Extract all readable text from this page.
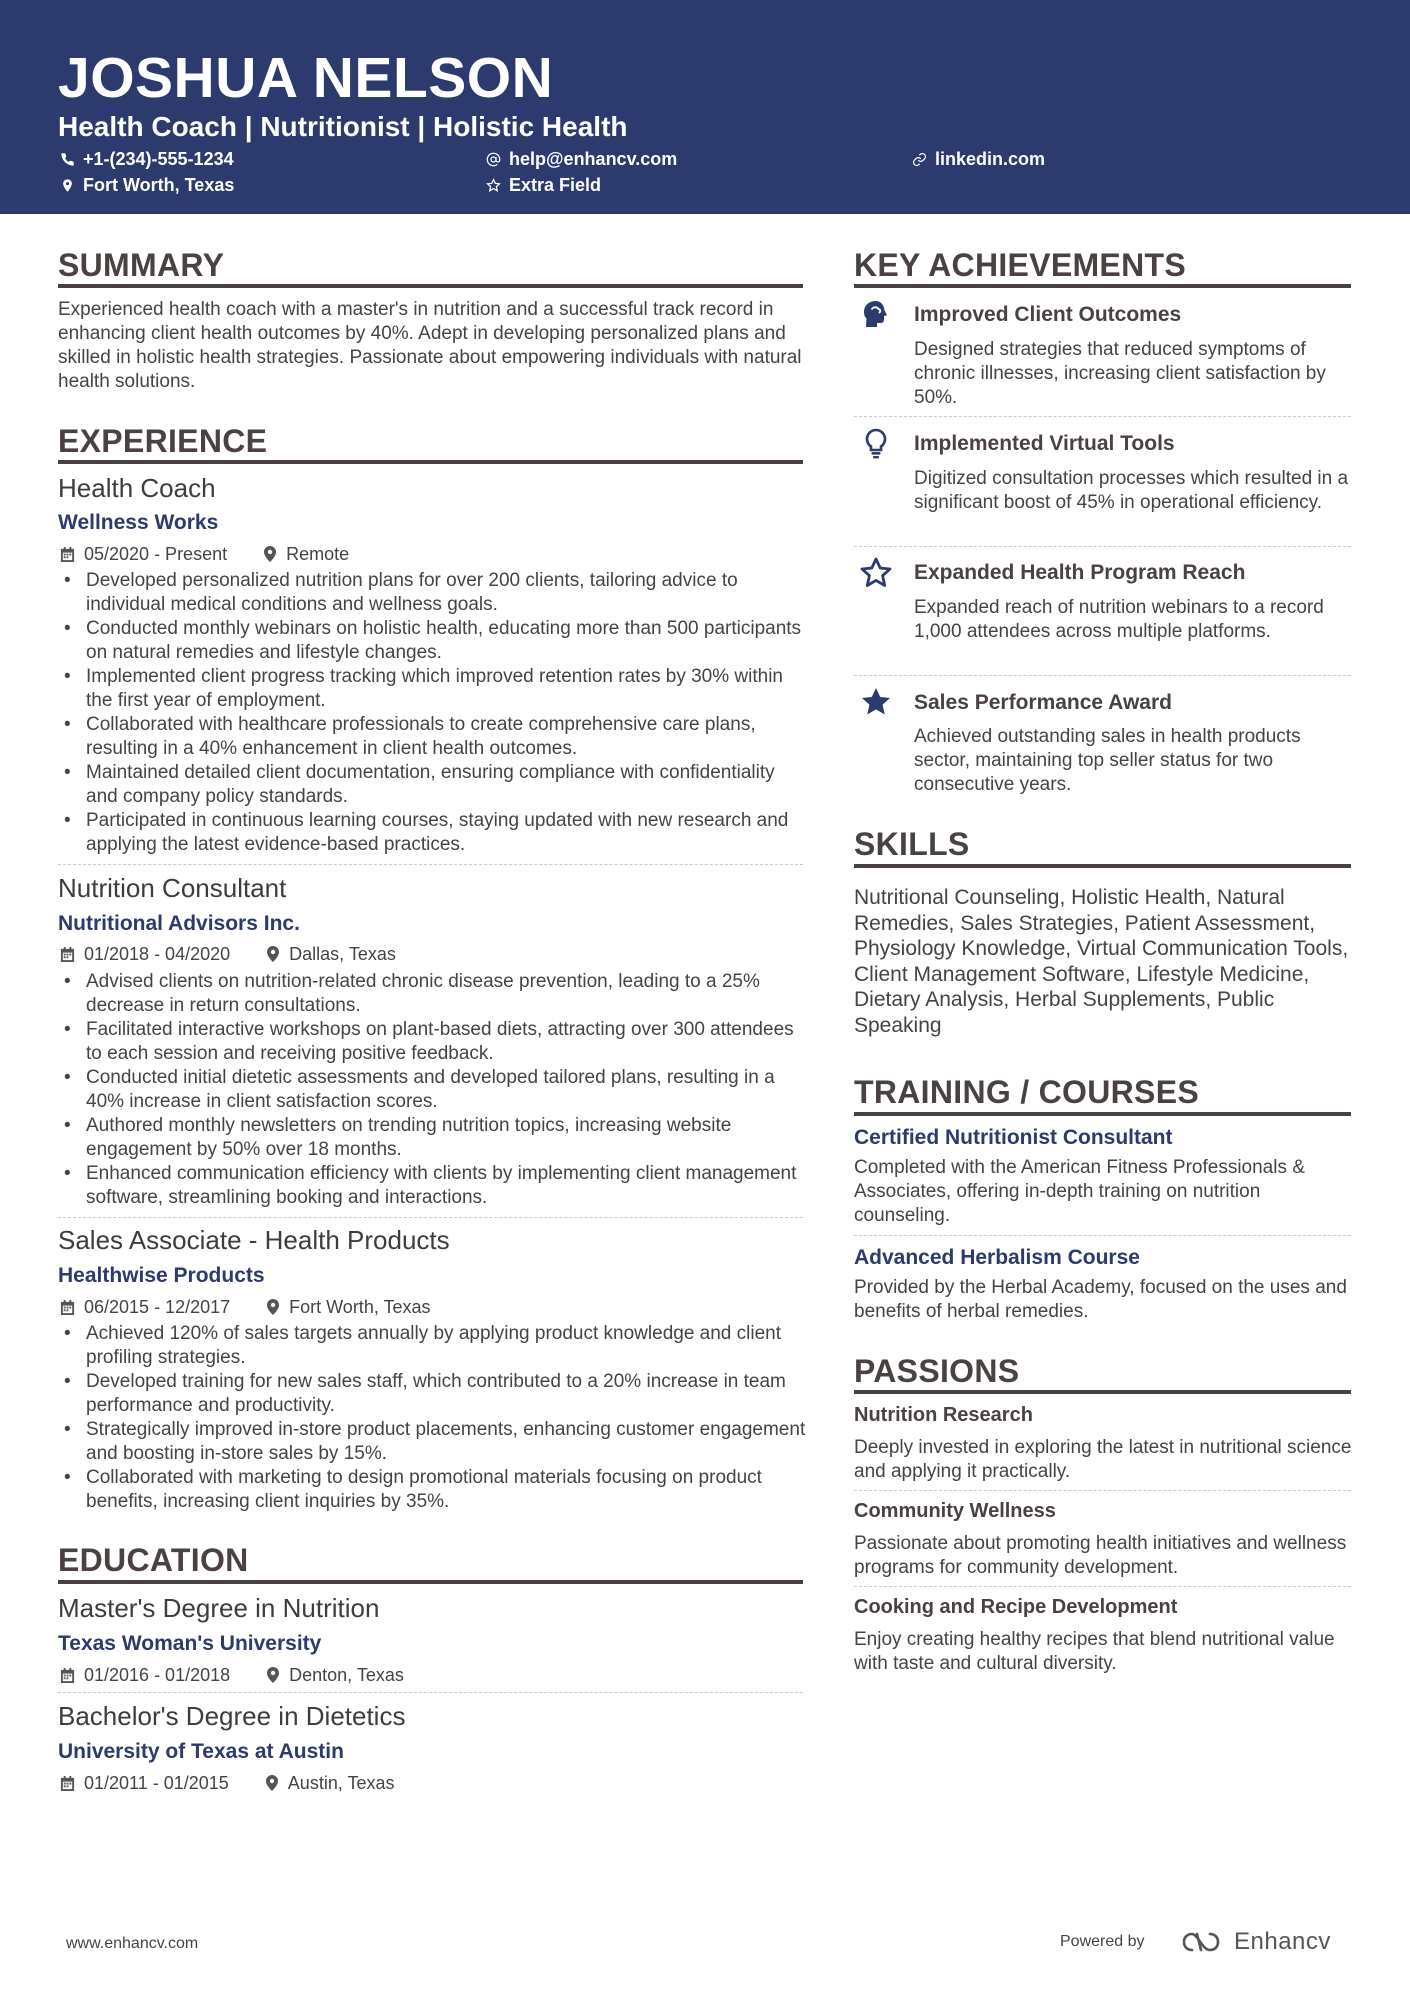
JOSHUA NELSON
Health Coach | Nutritionist | Holistic Health
+1-(234)-555-1234	help@enhancv.com	linkedin.com
Fort Worth, Texas	Extra Field
SUMMARY
Experienced health coach with a master's in nutrition and a successful track record in enhancing client health outcomes by 40%. Adept in developing personalized plans and skilled in holistic health strategies. Passionate about empowering individuals with natural health solutions.
EXPERIENCE
Health Coach
Wellness Works
05/2020 - Present	Remote
• Developed personalized nutrition plans for over 200 clients, tailoring advice to individual medical conditions and wellness goals.
• Conducted monthly webinars on holistic health, educating more than 500 participants on natural remedies and lifestyle changes.
• Implemented client progress tracking which improved retention rates by 30% within the first year of employment.
• Collaborated with healthcare professionals to create comprehensive care plans, resulting in a 40% enhancement in client health outcomes.
• Maintained detailed client documentation, ensuring compliance with confidentiality and company policy standards.
• Participated in continuous learning courses, staying updated with new research and applying the latest evidence-based practices.
Nutrition Consultant
Nutritional Advisors Inc.
01/2018 - 04/2020	Dallas, Texas
• Advised clients on nutrition-related chronic disease prevention, leading to a 25% decrease in return consultations.
• Facilitated interactive workshops on plant-based diets, attracting over 300 attendees to each session and receiving positive feedback.
• Conducted initial dietetic assessments and developed tailored plans, resulting in a 40% increase in client satisfaction scores.
• Authored monthly newsletters on trending nutrition topics, increasing website engagement by 50% over 18 months.
• Enhanced communication efficiency with clients by implementing client management software, streamlining booking and interactions.
Sales Associate - Health Products
Healthwise Products
06/2015 - 12/2017	Fort Worth, Texas
• Achieved 120% of sales targets annually by applying product knowledge and client profiling strategies.
• Developed training for new sales staff, which contributed to a 20% increase in team performance and productivity.
• Strategically improved in-store product placements, enhancing customer engagement and boosting in-store sales by 15%.
• Collaborated with marketing to design promotional materials focusing on product benefits, increasing client inquiries by 35%.
EDUCATION
Master's Degree in Nutrition
Texas Woman's University
01/2016 - 01/2018	Denton, Texas
Bachelor's Degree in Dietetics
University of Texas at Austin
01/2011 - 01/2015	Austin, Texas
KEY ACHIEVEMENTS
Improved Client Outcomes
Designed strategies that reduced symptoms of chronic illnesses, increasing client satisfaction by 50%.
Implemented Virtual Tools
Digitized consultation processes which resulted in a significant boost of 45% in operational efficiency.
Expanded Health Program Reach
Expanded reach of nutrition webinars to a record 1,000 attendees across multiple platforms.
Sales Performance Award
Achieved outstanding sales in health products sector, maintaining top seller status for two consecutive years.
SKILLS
Nutritional Counseling, Holistic Health, Natural Remedies, Sales Strategies, Patient Assessment, Physiology Knowledge, Virtual Communication Tools, Client Management Software, Lifestyle Medicine, Dietary Analysis, Herbal Supplements, Public Speaking
TRAINING / COURSES
Certified Nutritionist Consultant
Completed with the American Fitness Professionals & Associates, offering in-depth training on nutrition counseling.
Advanced Herbalism Course
Provided by the Herbal Academy, focused on the uses and benefits of herbal remedies.
PASSIONS
Nutrition Research
Deeply invested in exploring the latest in nutritional science and applying it practically.
Community Wellness
Passionate about promoting health initiatives and wellness programs for community development.
Cooking and Recipe Development
Enjoy creating healthy recipes that blend nutritional value with taste and cultural diversity.
www.enhancv.com	Powered by	Enhancv
